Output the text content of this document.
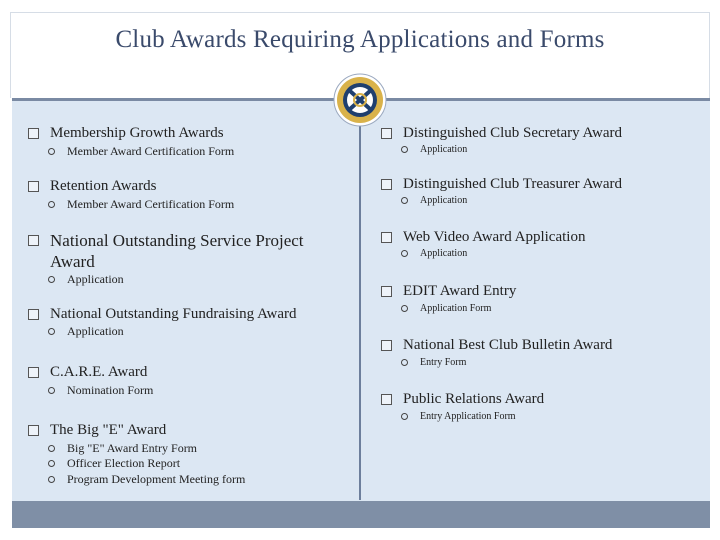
Club Awards Requiring Applications and Forms
Membership Growth Awards
Member Award Certification Form
Retention Awards
Member Award Certification Form
National Outstanding Service Project
Award
Application
National Outstanding Fundraising Award
Application
C.A.R.E. Award
Nomination Form
The Big "E" Award
Big "E" Award Entry Form
Officer Election Report
Program Development Meeting form
Distinguished Club Secretary Award
Application
Distinguished Club Treasurer Award
Application
Web Video Award Application
Application
EDIT Award Entry
Application Form
National Best Club Bulletin Award
Entry Form
Public Relations Award
Entry Application Form
